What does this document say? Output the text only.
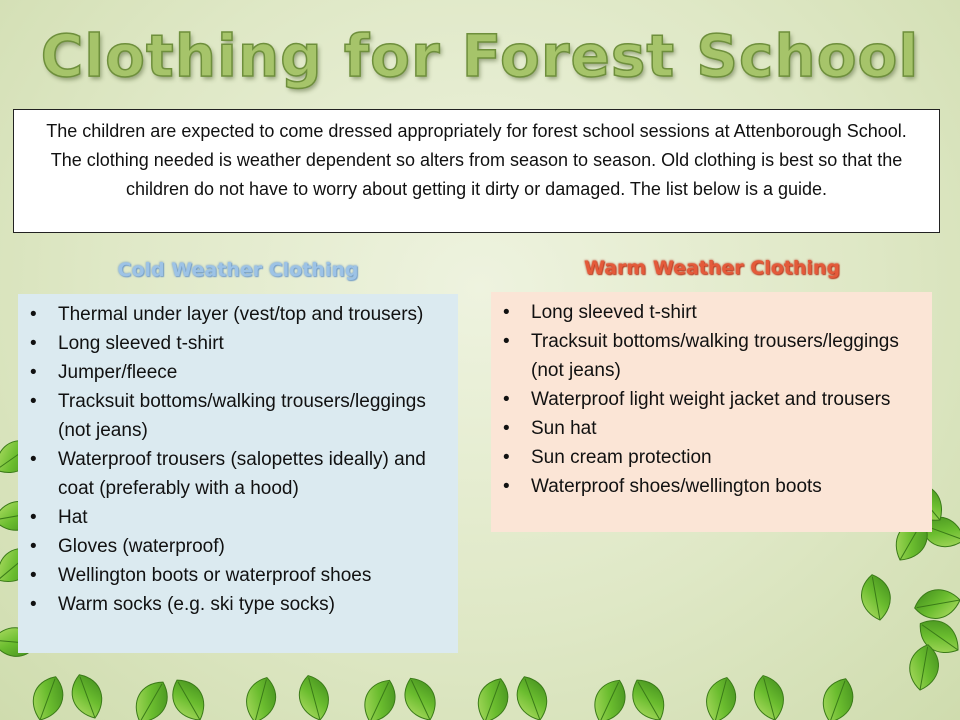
Clothing for Forest School
The children are expected to come dressed appropriately for forest school sessions at Attenborough School. The clothing needed is weather dependent so alters from season to season. Old clothing is best so that the children do not have to worry about getting it dirty or damaged. The list below is a guide.
Cold Weather Clothing	Warm Weather Clothing
• Thermal under layer (vest/top and trousers)
• Long sleeved t-shirt
• Jumper/fleece
• Tracksuit bottoms/walking trousers/leggings (not jeans)
• Waterproof trousers (salopettes ideally) and coat (preferably with a hood)
• Hat
• Gloves (waterproof)
• Wellington boots or waterproof shoes
• Warm socks (e.g. ski type socks)
• Long sleeved t-shirt
• Tracksuit bottoms/walking trousers/leggings (not jeans)
• Waterproof light weight jacket and trousers
• Sun hat
• Sun cream protection
• Waterproof shoes/wellington boots
